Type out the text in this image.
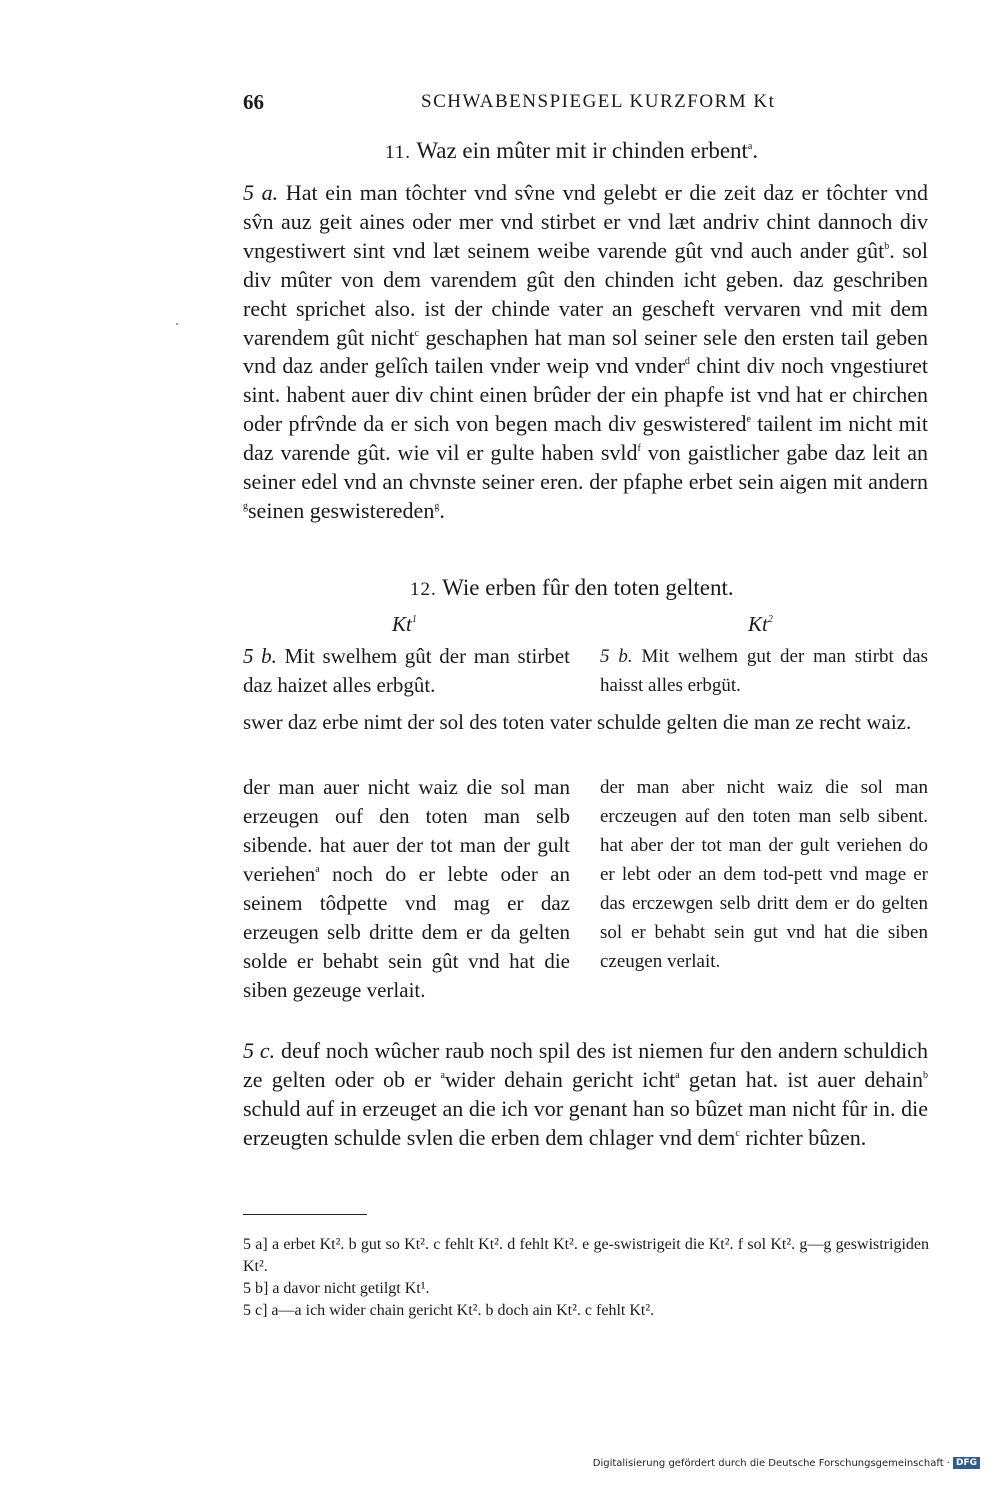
66	SCHWABENSPIEGEL KURZFORM Kt
11. Waz ein mûter mit ir chinden erbent$^a$.

5 a. Hat ein man tôchter vnd sv̂ne vnd gelebt er die zeit daz er tôchter vnd sv̂n auz geit aines oder mer vnd stirbet er vnd læt andriv chint dannoch div vngestiwert sint vnd læt seinem weibe varende gût vnd auch ander gût$^b$. sol div mûter von dem varendem gût den chinden icht geben. daz geschriben recht sprichet also. ist der chinde vater an gescheft vervaren vnd mit dem varendem gût nicht$^c$ geschaphen hat man sol seiner sele den ersten tail geben vnd daz ander gelîch tailen vnder weip vnd vnder$^d$ chint div noch vngestiuret sint. habent auer div chint einen brûder der ein phapfe ist vnd hat er chirchen oder pfrv̂nde da er sich von begen mach div geswistered$^e$ tailent im nicht mit daz varende gût. wie vil er gulte haben svld$^f$ von gaistlicher gabe daz leit an seiner edel vnd an chvnste seiner eren. der pfaphe erbet sein aigen mit andern $^g$seinen geswistereden$^g$.

12. Wie erben fûr den toten geltent.
Kt$^1$	Kt$^2$

5 b. Mit swelhem gût der man stirbet daz haizet alles erbgût.

5 b. Mit welhem gut der man stirbt das haisst alles erbgüt.

swer daz erbe nimt der sol des toten vater schulde gelten die man ze recht waiz.

der man auer nicht waiz die sol man erzeugen ouf den toten man selb sibende. hat auer der tot man der gult veriehen$^a$ noch do er lebte oder an seinem tôdpette vnd mag er daz erzeugen selb dritte dem er da gelten solde er behabt sein gût vnd hat die siben gezeuge verlait.

der man aber nicht waiz die sol man erczeugen auf den toten man selb sibent. hat aber der tot man der gult veriehen do er lebt oder an dem tod-pett vnd mage er das erczewgen selb dritt dem er do gelten sol er behabt sein gut vnd hat die siben czeugen verlait.

5 c. deuf noch wûcher raub noch spil des ist niemen fur den andern schuldich ze gelten oder ob er $^a$wider dehain gericht icht$^a$ getan hat. ist auer dehain$^b$ schuld auf in erzeuget an die ich vor genant han so bûzet man nicht fûr in. die erzeugten schulde svlen die erben dem chlager vnd dem$^c$ richter bûzen.

5 a] a erbet Kt². b gut so Kt². c fehlt Kt². d fehlt Kt². e ge-swistrigeit die Kt². f sol Kt². g—g geswistrigiden Kt².

5 b] a davor nicht getilgt Kt¹.

5 c] a—a ich wider chain gericht Kt². b doch ain Kt². c fehlt Kt².

Digitalisierung gefördert durch die Deutsche Forschungsgemeinschaft · DFG
